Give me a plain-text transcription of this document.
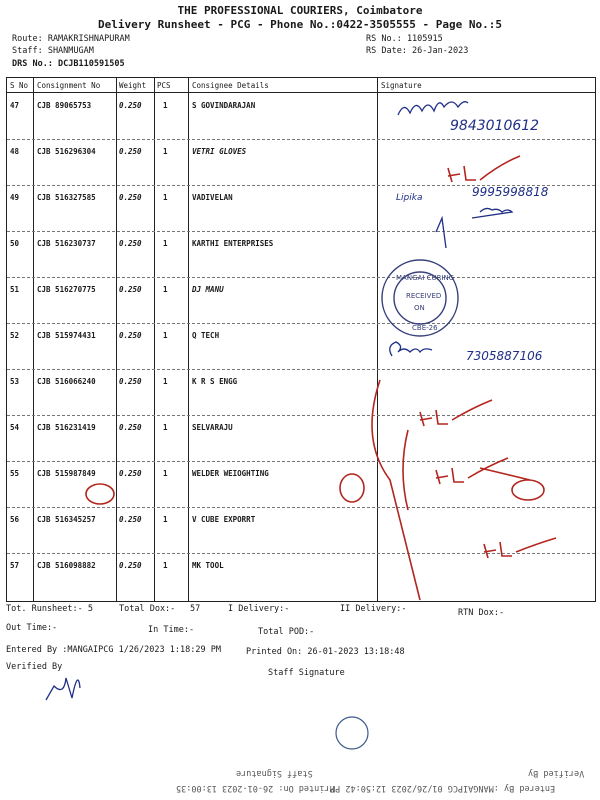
THE PROFESSIONAL COURIERS, Coimbatore
Delivery Runsheet - PCG - Phone No.:0422-3505555 - Page No.:5
Route: RAMAKRISHNAPURAM
Staff: SHANMUGAM
DRS No.: DCJB110591505
RS No.: 1105915
RS Date: 26-Jan-2023
S No Consignment No	Weight PCS	Consignee Details	Signature
47 CJB 89065753	0.250	1	S GOVINDARAJAN
48 CJB 516296304	0.250	1	VETRI GLOVES
49 CJB 516327585	0.250	1	VADIVELAN
50 CJB 516230737	0.250	1	KARTHI ENTERPRISES
51 CJB 516270775	0.250	1	DJ MANU
52 CJB 515974431	0.250	1	Q TECH
53 CJB 516066240	0.250	1	K R S ENGG
54 CJB 516231419	0.250	1	SELVARAJU
55 CJB 515987849	0.250	1	WELDER WEIOGHTING
56 CJB 516345257	0.250	1	V CUBE EXPORRT
57 CJB 516098882	0.250	1	MK TOOL
9843010612
9995998818
Lipika
7305887106
MANGAI CURING
RECEIVED
ON
CBE-26
Tot. Runsheet:- 5	Total Dox:- 57	I Delivery:-	II Delivery:-	RTN Dox:-
Out Time:-	In Time:-	Total POD:-
Entered By :MANGAIPCG 1/26/2023 1:18:29 PM	Printed On: 26-01-2023 13:18:48
Verified By
Staff Signature
Entered By :MANGAIPCG 01/26/2023 12:50:42 PM
Printed On: 26-01-2023 13:00:35
Staff Signature	Verified By
